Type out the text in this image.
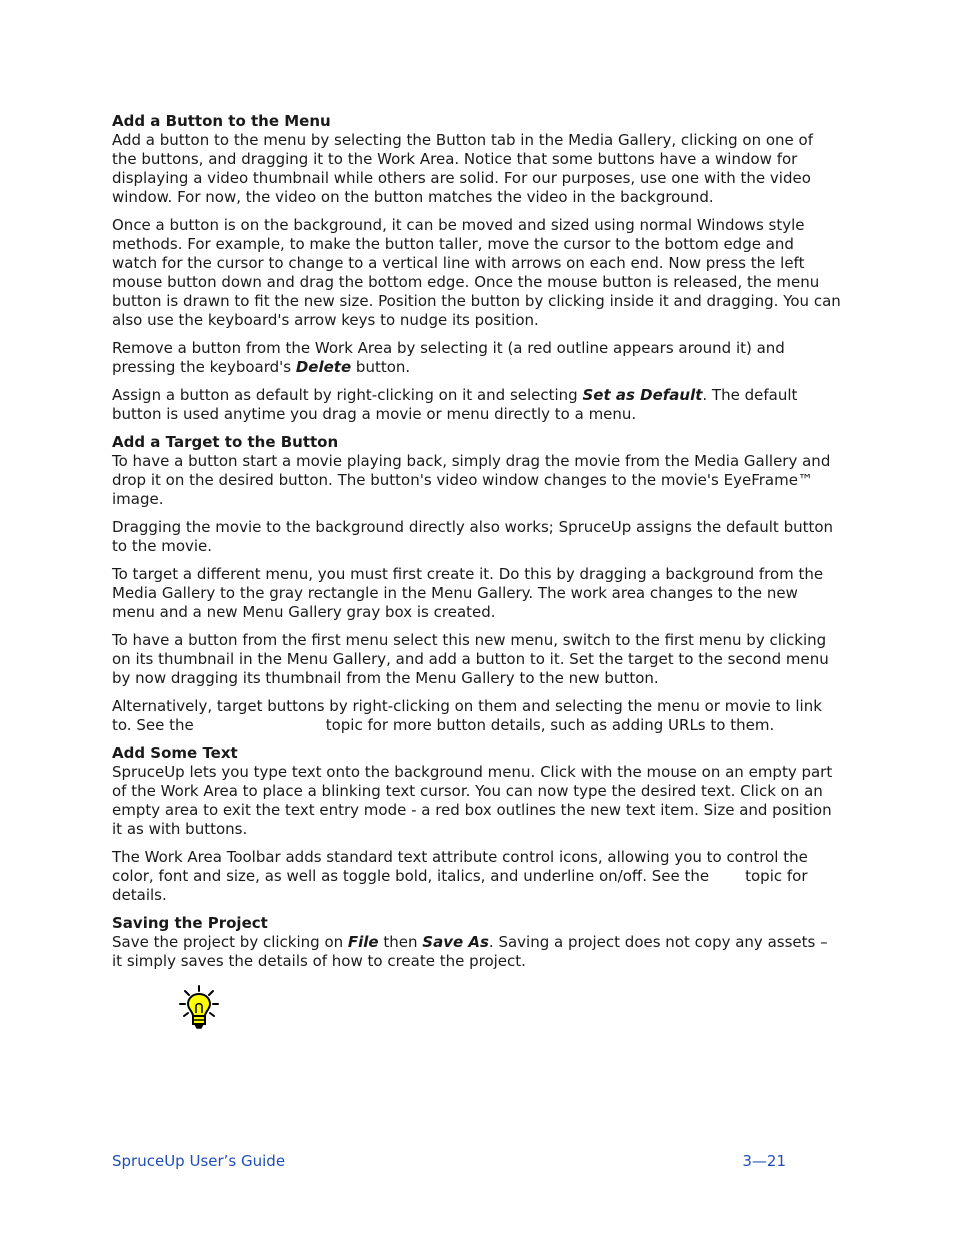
Add a Button to the Menu

Add a button to the menu by selecting the Button tab in the Media Gallery, clicking on one of the buttons, and dragging it to the Work Area. Notice that some buttons have a window for displaying a video thumbnail while others are solid. For our purposes, use one with the video window. For now, the video on the button matches the video in the background.

Once a button is on the background, it can be moved and sized using normal Windows style methods. For example, to make the button taller, move the cursor to the bottom edge and watch for the cursor to change to a vertical line with arrows on each end. Now press the left mouse button down and drag the bottom edge. Once the mouse button is released, the menu button is drawn to fit the new size. Position the button by clicking inside it and dragging. You can also use the keyboard's arrow keys to nudge its position.

Remove a button from the Work Area by selecting it (a red outline appears around it) and pressing the keyboard's Delete button.

Assign a button as default by right-clicking on it and selecting Set as Default. The default button is used anytime you drag a movie or menu directly to a menu.

Add a Target to the Button

To have a button start a movie playing back, simply drag the movie from the Media Gallery and drop it on the desired button. The button's video window changes to the movie's EyeFrame™ image.

Dragging the movie to the background directly also works; SpruceUp assigns the default button to the movie.

To target a different menu, you must first create it. Do this by dragging a background from the Media Gallery to the gray rectangle in the Menu Gallery. The work area changes to the new menu and a new Menu Gallery gray box is created.

To have a button from the first menu select this new menu, switch to the first menu by clicking on its thumbnail in the Menu Gallery, and add a button to it. Set the target to the second menu by now dragging its thumbnail from the Menu Gallery to the new button.

Alternatively, target buttons by right-clicking on them and selecting the menu or movie to link to. See the	topic for more button details, such as adding URLs to them.

Add Some Text

SpruceUp lets you type text onto the background menu. Click with the mouse on an empty part of the Work Area to place a blinking text cursor. You can now type the desired text. Click on an empty area to exit the text entry mode - a red box outlines the new text item. Size and position it as with buttons.

The Work Area Toolbar adds standard text attribute control icons, allowing you to control the color, font and size, as well as toggle bold, italics, and underline on/off. See the topic for details.

Saving the Project

Save the project by clicking on File then Save As. Saving a project does not copy any assets – it simply saves the details of how to create the project.

SpruceUp User’s Guide	3—21
